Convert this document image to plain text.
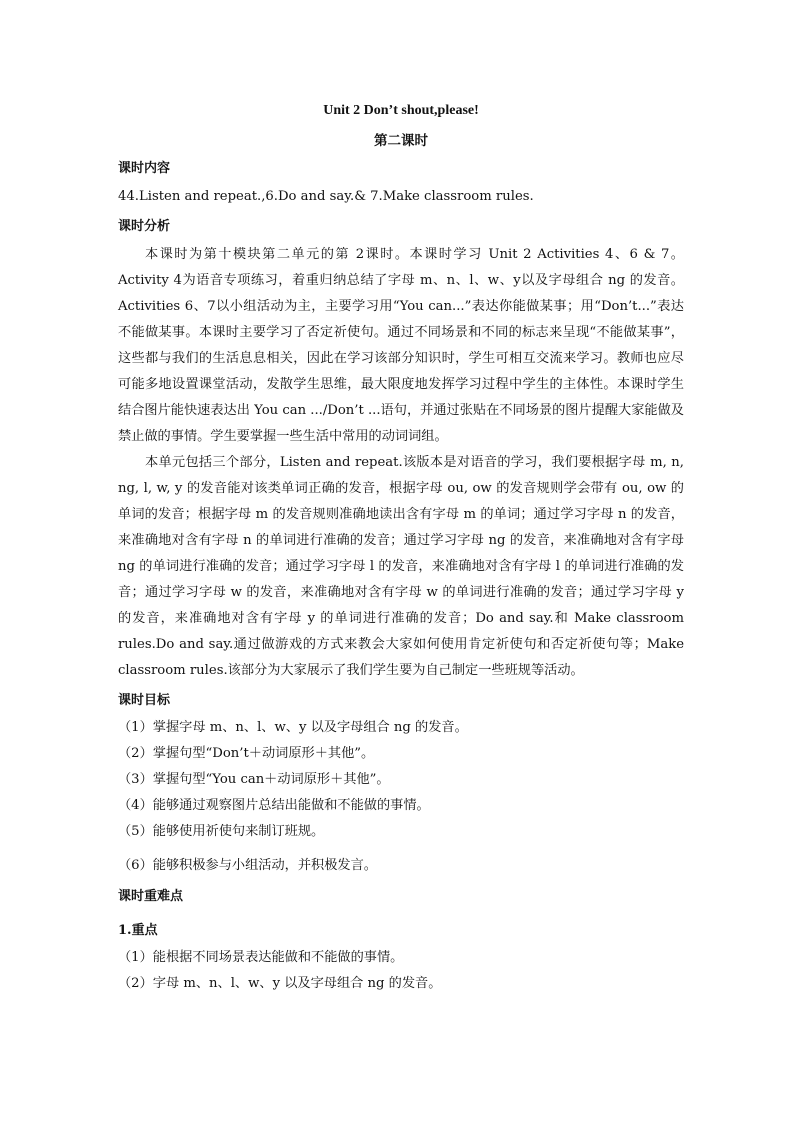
Unit 2 Don’t shout,please!
第二课时
课时内容
44.Listen and repeat.,6.Do and say.& 7.Make classroom rules.
课时分析
本课时为第十模块第二单元的第 2课时。本课时学习 Unit 2 Activities 4、6 & 7。Activity 4为语音专项练习，着重归纳总结了字母 m、n、l、w、y以及字母组合 ng 的发音。Activities 6、7以小组活动为主，主要学习用“You can...”表达你能做某事；用“Don’t...”表达不能做某事。本课时主要学习了否定祈使句。通过不同场景和不同的标志来呈现“不能做某事”，这些都与我们的生活息息相关，因此在学习该部分知识时，学生可相互交流来学习。教师也应尽可能多地设置课堂活动，发散学生思维，最大限度地发挥学习过程中学生的主体性。本课时学生结合图片能快速表达出 You can .../Don’t ...语句，并通过张贴在不同场景的图片提醒大家能做及禁止做的事情。学生要掌握一些生活中常用的动词词组。
本单元包括三个部分，Listen and repeat.该版本是对语音的学习，我们要根据字母 m, n, ng, l, w, y 的发音能对该类单词正确的发音，根据字母 ou, ow 的发音规则学会带有 ou, ow 的单词的发音；根据字母 m 的发音规则准确地读出含有字母 m 的单词；通过学习字母 n 的发音，来准确地对含有字母 n 的单词进行准确的发音；通过学习字母 ng 的发音，来准确地对含有字母 ng 的单词进行准确的发音；通过学习字母 l 的发音，来准确地对含有字母 l 的单词进行准确的发音；通过学习字母 w 的发音，来准确地对含有字母 w 的单词进行准确的发音；通过学习字母 y 的发音，来准确地对含有字母 y 的单词进行准确的发音；Do and say.和 Make classroom rules.Do and say.通过做游戏的方式来教会大家如何使用肯定祈使句和否定祈使句等；Make classroom rules.该部分为大家展示了我们学生要为自己制定一些班规等活动。
课时目标
（1）掌握字母 m、n、l、w、y 以及字母组合 ng 的发音。
（2）掌握句型“Don’t＋动词原形＋其他”。
（3）掌握句型“You can＋动词原形＋其他”。
（4）能够通过观察图片总结出能做和不能做的事情。
（5）能够使用祈使句来制订班规。
（6）能够积极参与小组活动，并积极发言。
课时重难点
1.重点
（1）能根据不同场景表达能做和不能做的事情。
（2）字母 m、n、l、w、y 以及字母组合 ng 的发音。
